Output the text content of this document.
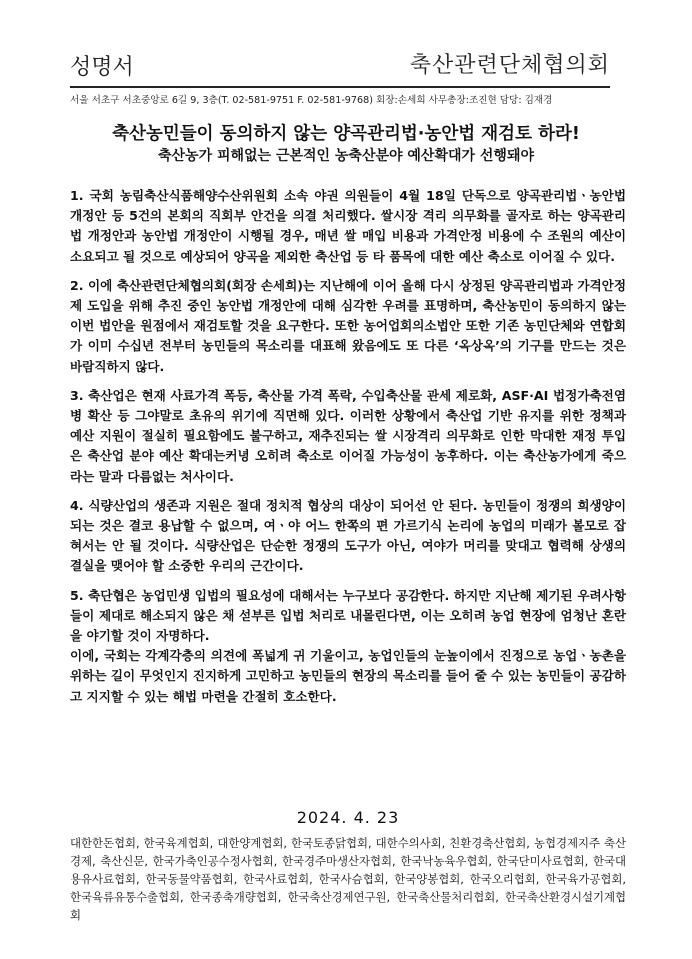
성명서	축산관련단체협의회
서울 서초구 서초중앙로 6길 9, 3층(T. 02-581-9751 F. 02-581-9768) 회장:손세희 사무총장:조진현 담당: 김재경
축산농민들이 동의하지 않는 양곡관리법·농안법 재검토 하라!
축산농가 피해없는 근본적인 농축산분야 예산확대가 선행돼야

1. 국회 농림축산식품해양수산위원회 소속 야권 의원들이 4월 18일 단독으로 양곡관리법ㆍ농안법 개정안 등 5건의 본회의 직회부 안건을 의결 처리했다. 쌀시장 격리 의무화를 골자로 하는 양곡관리법 개정안과 농안법 개정안이 시행될 경우, 매년 쌀 매입 비용과 가격안정 비용에 수 조원의 예산이 소요되고 될 것으로 예상되어 양곡을 제외한 축산업 등 타 품목에 대한 예산 축소로 이어질 수 있다.

2. 이에 축산관련단체협의회(회장 손세희)는 지난해에 이어 올해 다시 상정된 양곡관리법과 가격안정제 도입을 위해 추진 중인 농안법 개정안에 대해 심각한 우려를 표명하며, 축산농민이 동의하지 않는 이번 법안을 원점에서 재검토할 것을 요구한다. 또한 농어업회의소법안 또한 기존 농민단체와 연합회가 이미 수십년 전부터 농민들의 목소리를 대표해 왔음에도 또 다른 ‘옥상옥’의 기구를 만드는 것은 바람직하지 않다.

3. 축산업은 현재 사료가격 폭등, 축산물 가격 폭락, 수입축산물 관세 제로화, ASF·AI 법정가축전염병 확산 등 그야말로 초유의 위기에 직면해 있다. 이러한 상황에서 축산업 기반 유지를 위한 정책과 예산 지원이 절실히 필요함에도 불구하고, 재추진되는 쌀 시장격리 의무화로 인한 막대한 재정 투입은 축산업 분야 예산 확대는커녕 오히려 축소로 이어질 가능성이 농후하다. 이는 축산농가에게 죽으라는 말과 다름없는 처사이다.

4. 식량산업의 생존과 지원은 절대 정치적 협상의 대상이 되어선 안 된다. 농민들이 정쟁의 희생양이 되는 것은 결코 용납할 수 없으며, 여ㆍ야 어느 한쪽의 편 가르기식 논리에 농업의 미래가 볼모로 잡혀서는 안 될 것이다. 식량산업은 단순한 정쟁의 도구가 아닌, 여야가 머리를 맞대고 협력해 상생의 결실을 맺어야 할 소중한 우리의 근간이다.

5. 축단협은 농업민생 입법의 필요성에 대해서는 누구보다 공감한다. 하지만 지난해 제기된 우려사항들이 제대로 해소되지 않은 채 섣부른 입법 처리로 내몰린다면, 이는 오히려 농업 현장에 엄청난 혼란을 야기할 것이 자명하다.

이에, 국회는 각계각층의 의견에 폭넓게 귀 기울이고, 농업인들의 눈높이에서 진정으로 농업ㆍ농촌을 위하는 길이 무엇인지 진지하게 고민하고 농민들의 현장의 목소리를 들어 줄 수 있는 농민들이 공감하고 지지할 수 있는 해법 마련을 간절히 호소한다.

2024. 4. 23
대한한돈협회, 한국육계협회, 대한양계협회, 한국토종닭협회, 대한수의사회, 친환경축산협회, 농협경제지주 축산경제, 축산신문, 한국가축인공수정사협회, 한국경주마생산자협회, 한국낙농육우협회, 한국단미사료협회, 한국대용유사료협회, 한국동물약품협회, 한국사료협회, 한국사슴협회, 한국양봉협회, 한국오리협회, 한국육가공협회, 한국육류유통수출협회, 한국종축개량협회, 한국축산경제연구원, 한국축산물처리협회, 한국축산환경시설기계협회
